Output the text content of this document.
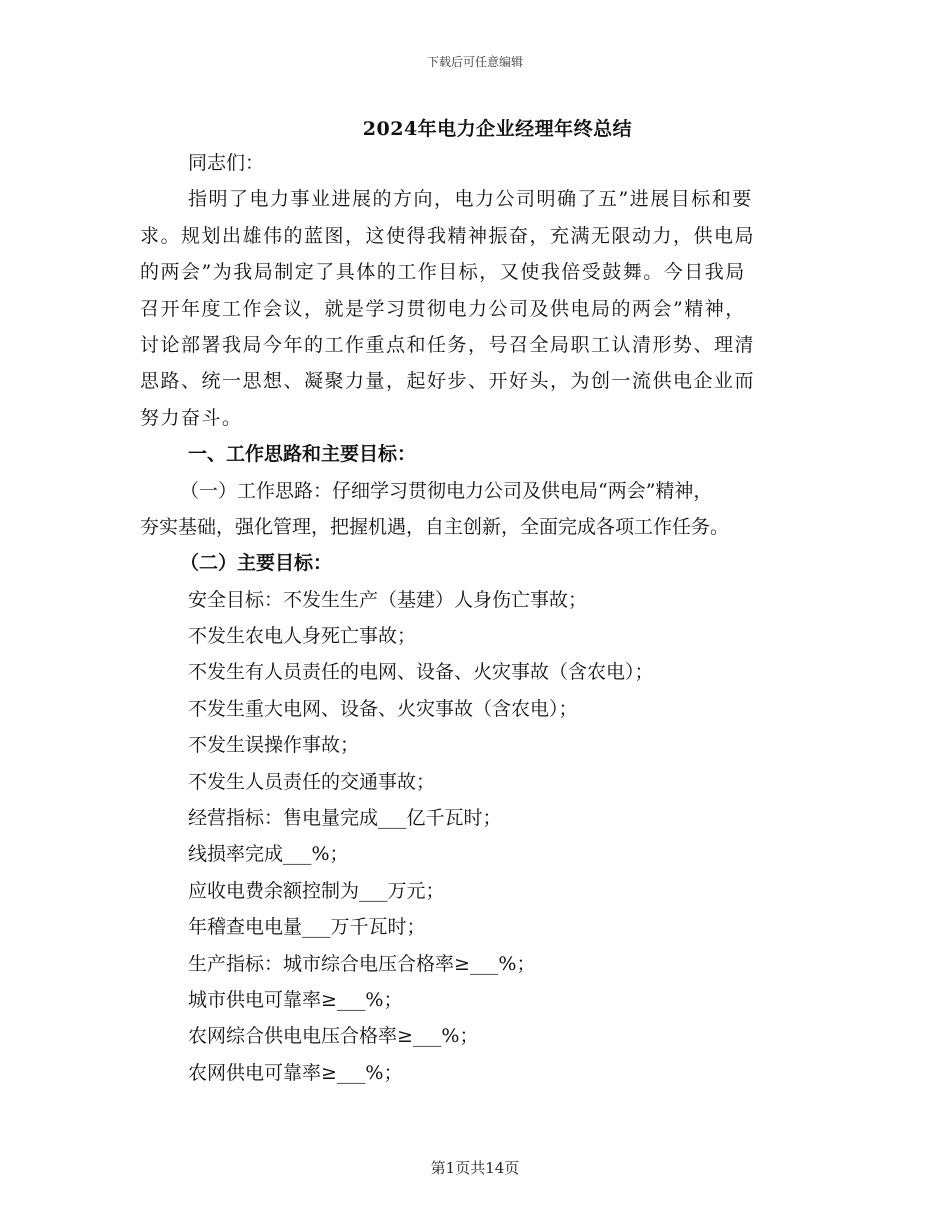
下载后可任意编辑
2024年电力企业经理年终总结
同志们：
指明了电力事业进展的方向，电力公司明确了五”进展目标和要
求。规划出雄伟的蓝图，这使得我精神振奋，充满无限动力，供电局
的两会”为我局制定了具体的工作目标，又使我倍受鼓舞。今日我局
召开年度工作会议，就是学习贯彻电力公司及供电局的两会”精神，
讨论部署我局今年的工作重点和任务，号召全局职工认清形势、理清
思路、统一思想、凝聚力量，起好步、开好头，为创一流供电企业而
努力奋斗。
一、工作思路和主要目标：
（一）工作思路：仔细学习贯彻电力公司及供电局“两会”精神，
夯实基础，强化管理，把握机遇，自主创新，全面完成各项工作任务。
（二）主要目标：
安全目标：不发生生产（基建）人身伤亡事故；
不发生农电人身死亡事故；
不发生有人员责任的电网、设备、火灾事故（含农电）；
不发生重大电网、设备、火灾事故（含农电）；
不发生误操作事故；
不发生人员责任的交通事故；
经营指标：售电量完成___亿千瓦时；
线损率完成___%；
应收电费余额控制为___万元；
年稽查电电量___万千瓦时；
生产指标：城市综合电压合格率≥___%；
城市供电可靠率≥___%；
农网综合供电电压合格率≥___%；
农网供电可靠率≥___%；
第1页共14页
